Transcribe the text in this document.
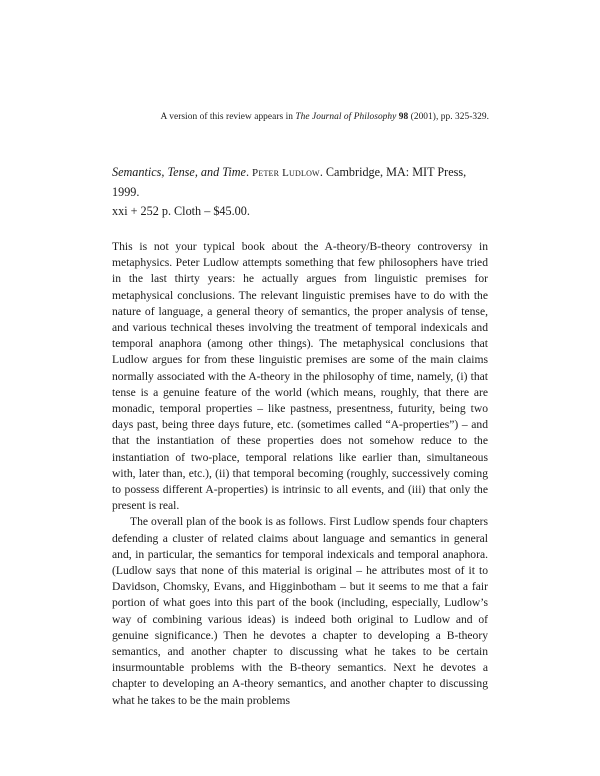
A version of this review appears in The Journal of Philosophy 98 (2001), pp. 325-329.
Semantics, Tense, and Time. Peter Ludlow. Cambridge, MA: MIT Press, 1999.
xxi + 252 p. Cloth – $45.00.

This is not your typical book about the A-theory/B-theory controversy in metaphysics. Peter Ludlow attempts something that few philosophers have tried in the last thirty years: he actually argues from linguistic premises for metaphysical conclusions. The relevant linguistic premises have to do with the nature of language, a general theory of semantics, the proper analysis of tense, and various technical theses involving the treatment of temporal indexicals and temporal anaphora (among other things). The metaphysical conclusions that Ludlow argues for from these linguistic premises are some of the main claims normally associated with the A-theory in the philosophy of time, namely, (i) that tense is a genuine feature of the world (which means, roughly, that there are monadic, temporal properties – like pastness, presentness, futurity, being two days past, being three days future, etc. (sometimes called “A-properties”) – and that the instantiation of these properties does not somehow reduce to the instantiation of two-place, temporal relations like earlier than, simultaneous with, later than, etc.), (ii) that temporal becoming (roughly, successively coming to possess different A-properties) is intrinsic to all events, and (iii) that only the present is real.

The overall plan of the book is as follows. First Ludlow spends four chapters defending a cluster of related claims about language and semantics in general and, in particular, the semantics for temporal indexicals and temporal anaphora. (Ludlow says that none of this material is original – he attributes most of it to Davidson, Chomsky, Evans, and Higginbotham – but it seems to me that a fair portion of what goes into this part of the book (including, especially, Ludlow’s way of combining various ideas) is indeed both original to Ludlow and of genuine significance.) Then he devotes a chapter to developing a B-theory semantics, and another chapter to discussing what he takes to be certain insurmountable problems with the B-theory semantics. Next he devotes a chapter to developing an A-theory semantics, and another chapter to discussing what he takes to be the main problems
